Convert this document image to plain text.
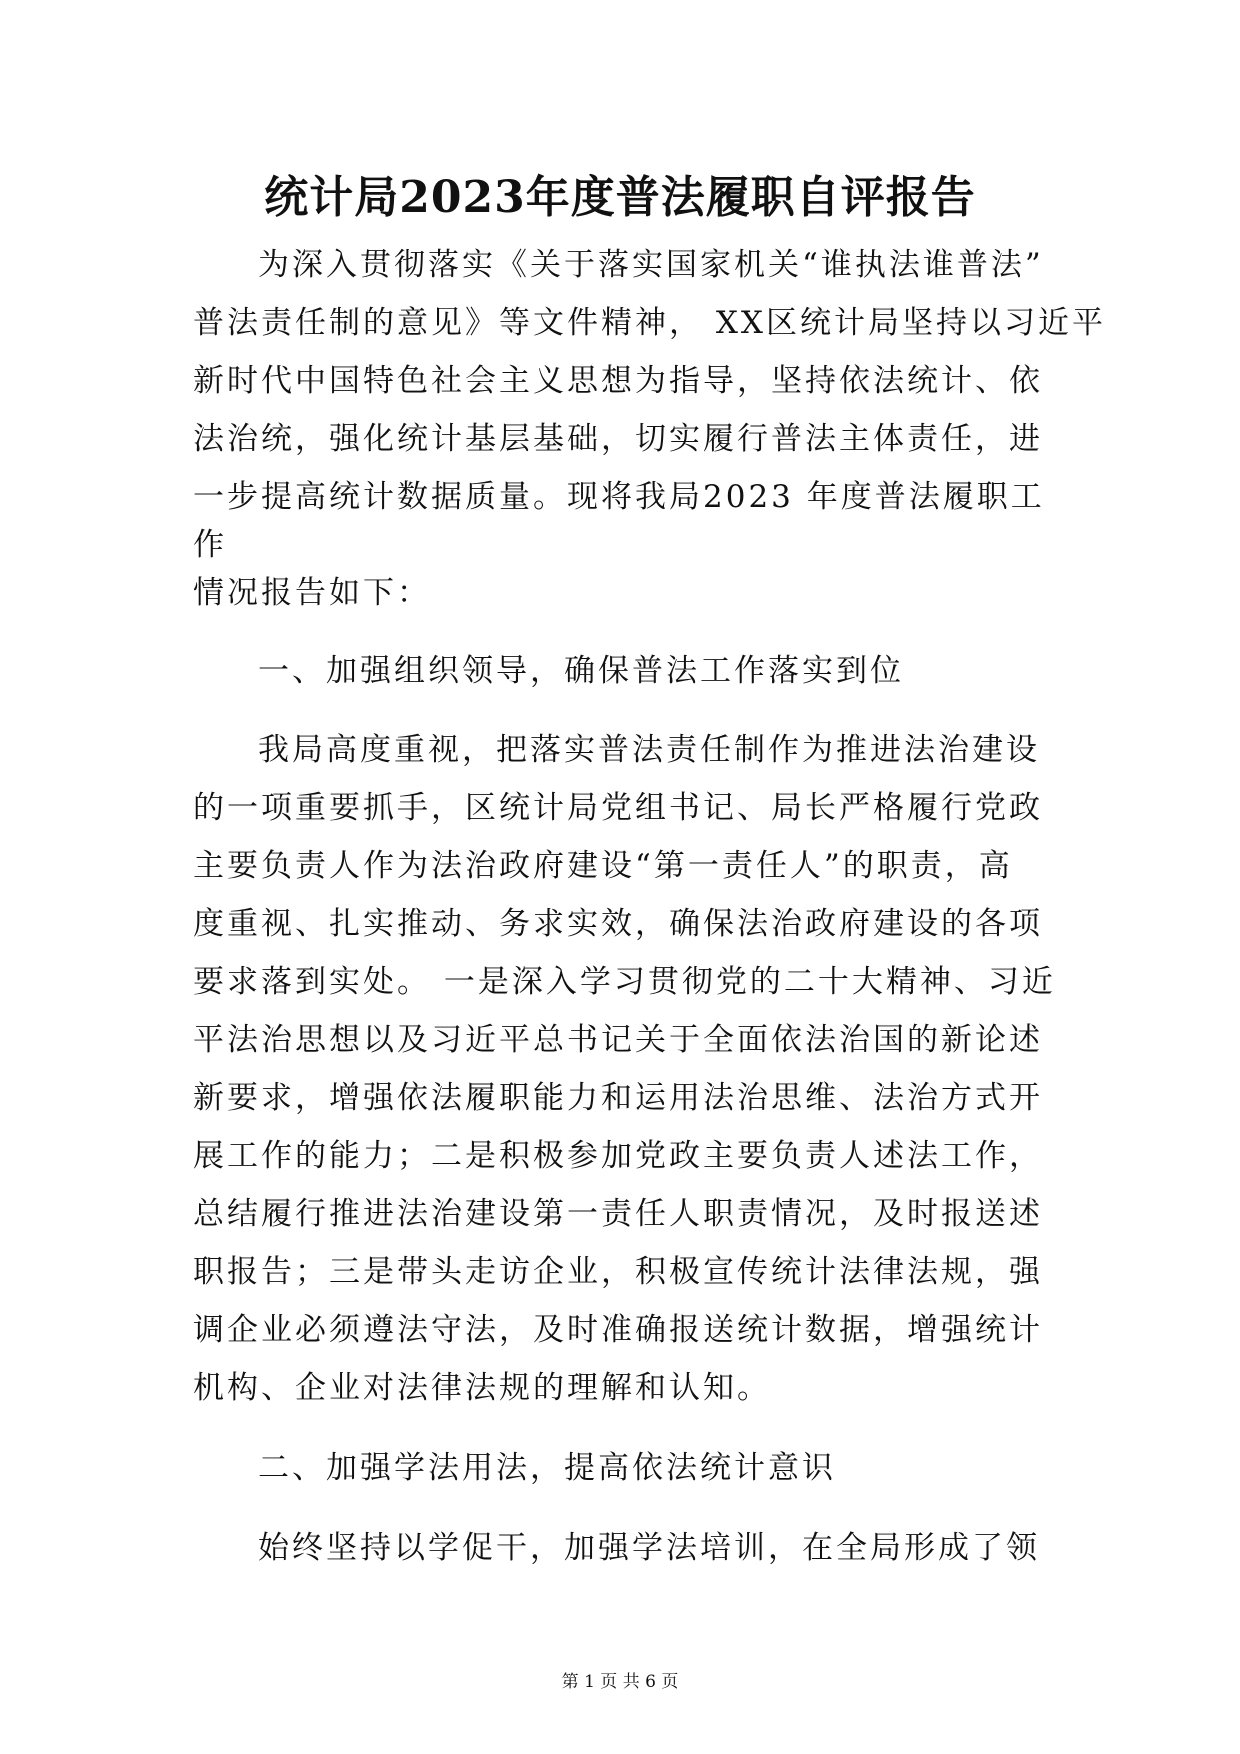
统计局2023年度普法履职自评报告
为深入贯彻落实《关于落实国家机关“谁执法谁普法”
普法责任制的意见》等文件精神， XX区统计局坚持以习近平
新时代中国特色社会主义思想为指导，坚持依法统计、依
法治统，强化统计基层基础，切实履行普法主体责任，进
一步提高统计数据质量。现将我局2023 年度普法履职工
作
情况报告如下：
一、加强组织领导，确保普法工作落实到位
我局高度重视，把落实普法责任制作为推进法治建设
的一项重要抓手，区统计局党组书记、局长严格履行党政
主要负责人作为法治政府建设“第一责任人”的职责，高
度重视、扎实推动、务求实效，确保法治政府建设的各项
要求落到实处。 一是深入学习贯彻党的二十大精神、习近
平法治思想以及习近平总书记关于全面依法治国的新论述
新要求，增强依法履职能力和运用法治思维、法治方式开
展工作的能力；二是积极参加党政主要负责人述法工作，
总结履行推进法治建设第一责任人职责情况，及时报送述
职报告；三是带头走访企业，积极宣传统计法律法规，强
调企业必须遵法守法，及时准确报送统计数据，增强统计
机构、企业对法律法规的理解和认知。
二、加强学法用法，提高依法统计意识
始终坚持以学促干，加强学法培训，在全局形成了领
第 1 页 共 6 页
